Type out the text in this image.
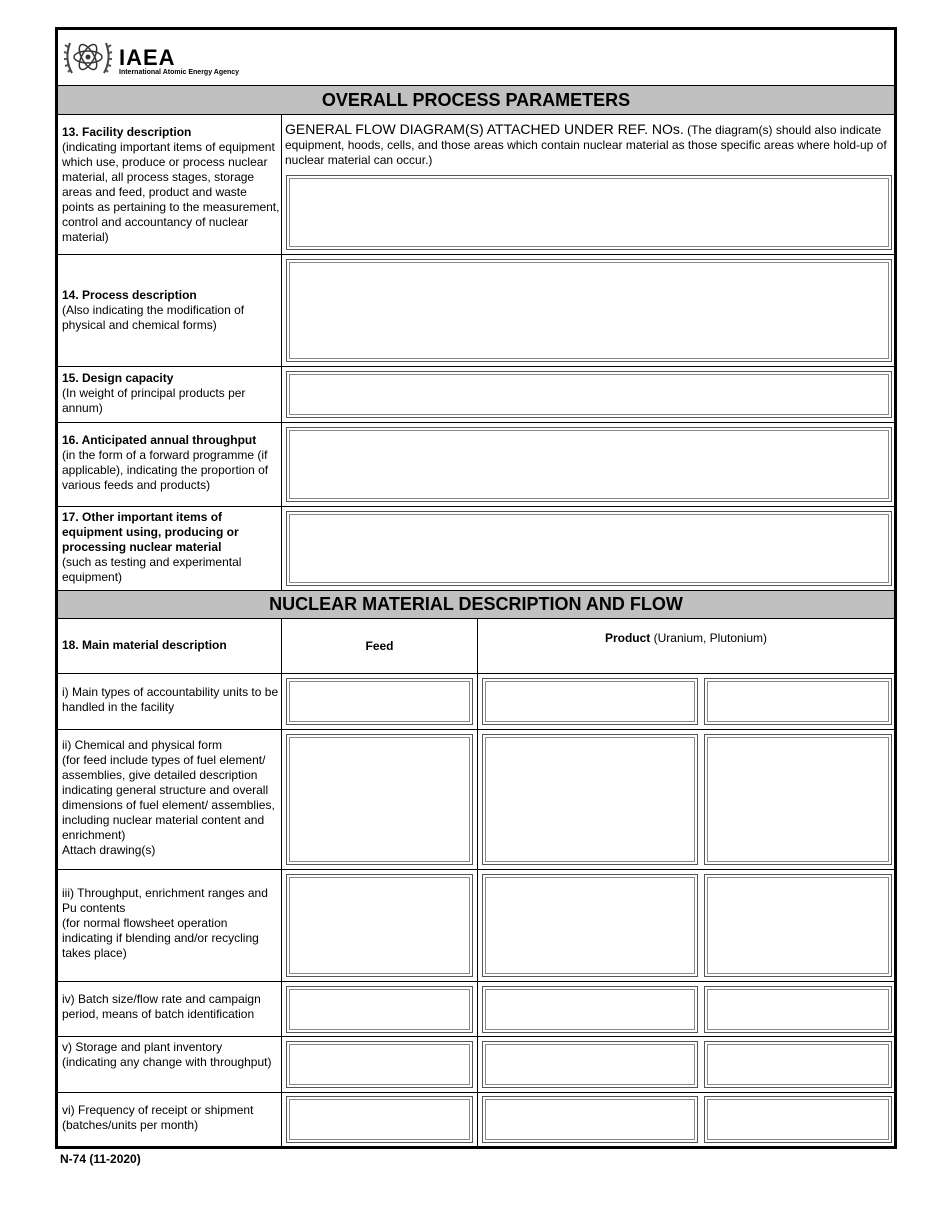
IAEA
International Atomic Energy Agency
OVERALL PROCESS PARAMETERS
NUCLEAR MATERIAL DESCRIPTION AND FLOW
13. Facility description
(indicating important items of equipment which use, produce or process nuclear material, all process stages, storage areas and feed, product and waste points as pertaining to the measurement, control and accountancy of nuclear material)
GENERAL FLOW DIAGRAM(S) ATTACHED UNDER REF. NOs. (The diagram(s) should also indicate equipment, hoods, cells, and those areas which contain nuclear material as those specific areas where hold-up of nuclear material can occur.)
14. Process description
(Also indicating the modification of physical and chemical forms)
15. Design capacity
(In weight of principal products per annum)
16. Anticipated annual throughput
(in the form of a forward programme (if applicable), indicating the proportion of various feeds and products)
17. Other important items of equipment using, producing or processing nuclear material
(such as testing and experimental equipment)
18. Main material description	Feed
Product (Uranium, Plutonium)
i) Main types of accountability units to be handled in the facility
ii) Chemical and physical form
(for feed include types of fuel element/ assemblies, give detailed description indicating general structure and overall dimensions of fuel element/ assemblies, including nuclear material content and enrichment)
Attach drawing(s)
iii) Throughput, enrichment ranges and Pu contents
(for normal flowsheet operation indicating if blending and/or recycling takes place)
iv) Batch size/flow rate and campaign period, means of batch identification
v) Storage and plant inventory (indicating any change with throughput)
vi) Frequency of receipt or shipment (batches/units per month)
N-74 (11-2020)
